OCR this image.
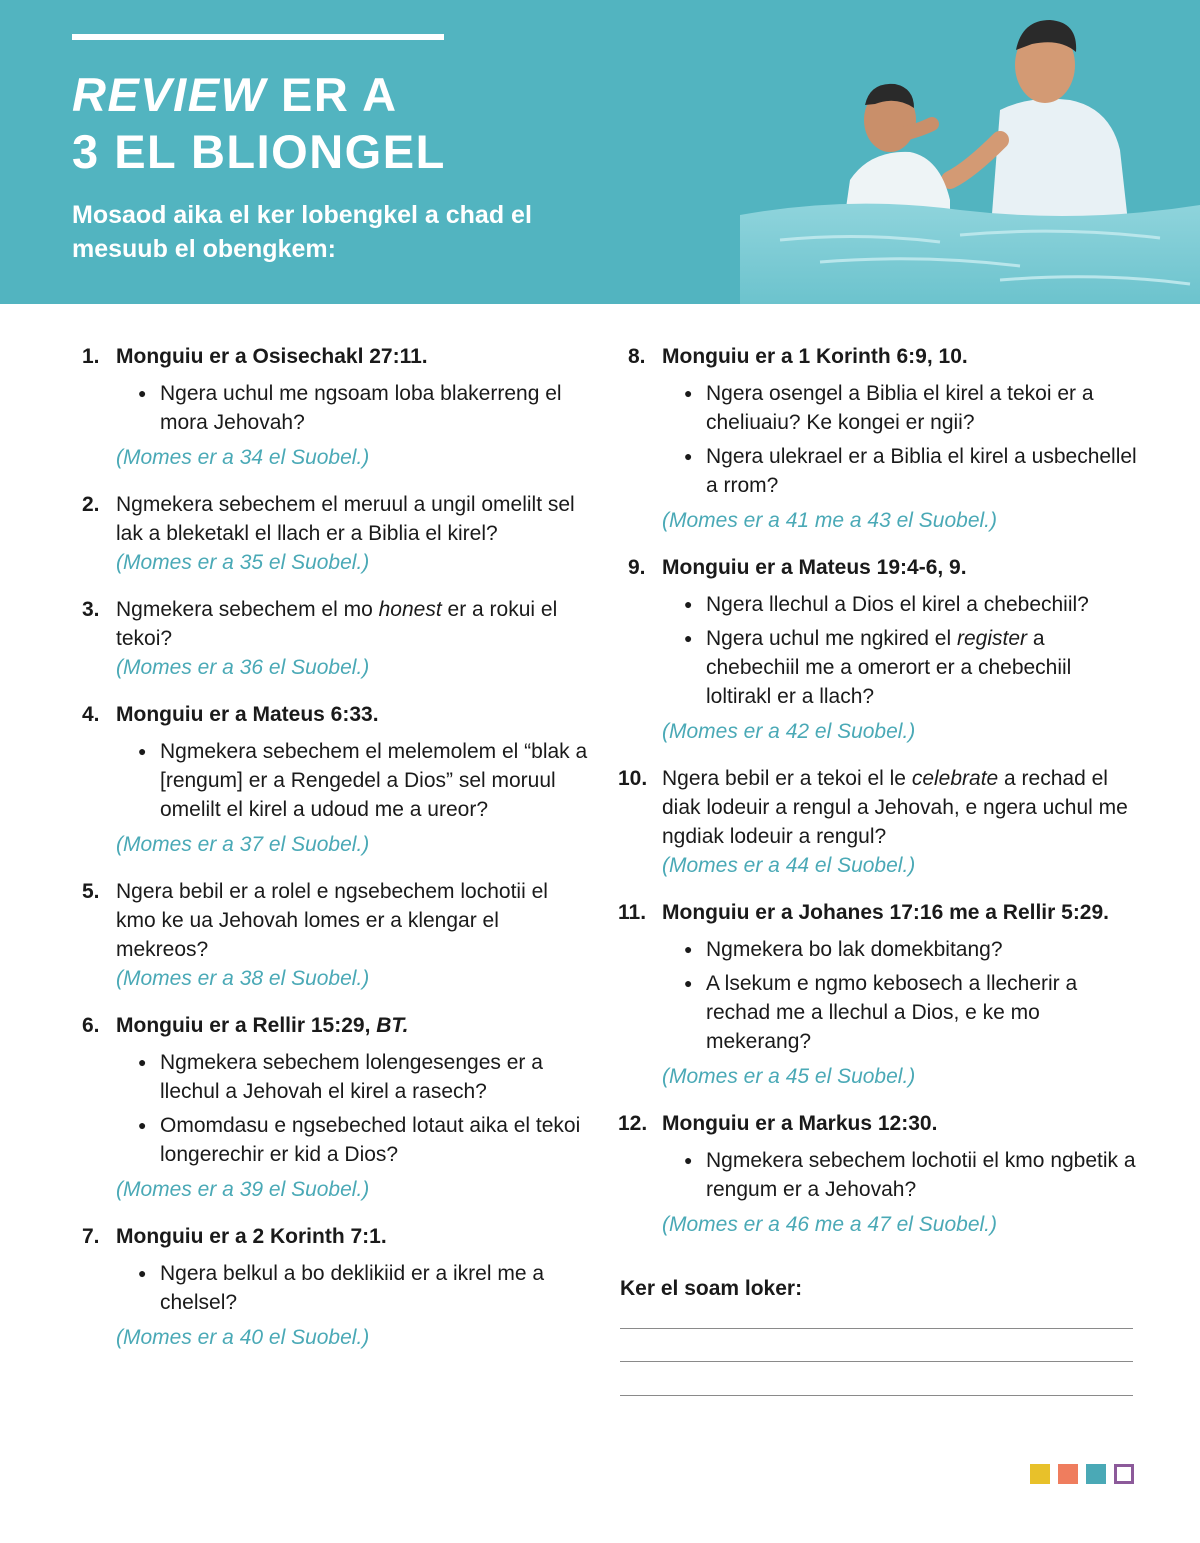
REVIEW ER A
3 EL BLIONGEL
Mosaod aika el ker lobengkel a chad el mesuub el obengkem:
1. Monguiu er a Osisechakl 27:11.
● Ngera uchul me ngsoam loba blakerreng el mora Jehovah?
(Momes er a 34 el Suobel.)
2. Ngmekera sebechem el meruul a ungil omelilt sel lak a bleketakl el llach er a Biblia el kirel?
(Momes er a 35 el Suobel.)
3. Ngmekera sebechem el mo honest er a rokui el tekoi?
(Momes er a 36 el Suobel.)
4. Monguiu er a Mateus 6:33.
● Ngmekera sebechem el melemolem el “blak a [rengum] er a Rengedel a Dios” sel moruul omelilt el kirel a udoud me a ureor?
(Momes er a 37 el Suobel.)
5. Ngera bebil er a rolel e ngsebechem lochotii el kmo ke ua Jehovah lomes er a klengar el mekreos?
(Momes er a 38 el Suobel.)
6. Monguiu er a Rellir 15:29, BT.
● Ngmekera sebechem lolengesenges er a llechul a Jehovah el kirel a rasech?
● Omomdasu e ngsebeched lotaut aika el tekoi longerechir er kid a Dios?
(Momes er a 39 el Suobel.)
7. Monguiu er a 2 Korinth 7:1.
● Ngera belkul a bo deklikiid er a ikrel me a chelsel?
(Momes er a 40 el Suobel.)
8. Monguiu er a 1 Korinth 6:9, 10.
● Ngera osengel a Biblia el kirel a tekoi er a cheliuaiu? Ke kongei er ngii?
● Ngera ulekrael er a Biblia el kirel a usbechellel a rrom?
(Momes er a 41 me a 43 el Suobel.)
9. Monguiu er a Mateus 19:4-6, 9.
● Ngera llechul a Dios el kirel a chebechiil?
● Ngera uchul me ngkired el register a chebechiil me a omerort er a chebechiil loltirakl er a llach?
(Momes er a 42 el Suobel.)
10. Ngera bebil er a tekoi el le celebrate a rechad el diak lodeuir a rengul a Jehovah, e ngera uchul me ngdiak lodeuir a rengul?
(Momes er a 44 el Suobel.)
11. Monguiu er a Johanes 17:16 me a Rellir 5:29.
● Ngmekera bo lak domekbitang?
● A lsekum e ngmo kebosech a llecherir a rechad me a llechul a Dios, e ke mo mekerang?
(Momes er a 45 el Suobel.)
12. Monguiu er a Markus 12:30.
● Ngmekera sebechem lochotii el kmo ngbetik a rengum er a Jehovah?
(Momes er a 46 me a 47 el Suobel.)
Ker el soam loker:
